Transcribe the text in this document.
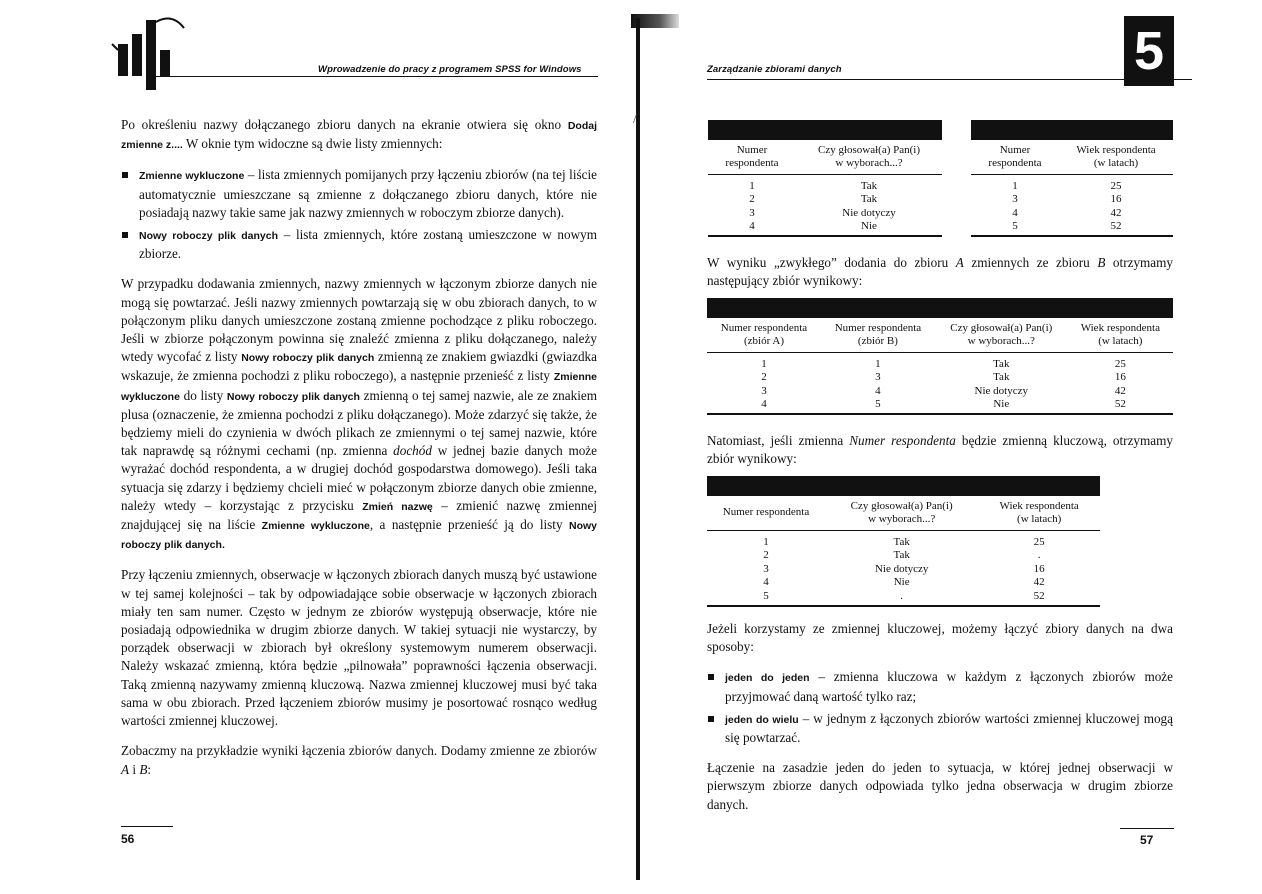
/
Wprowadzenie do pracy z programem SPSS for Windows

Po określeniu nazwy dołączanego zbioru danych na ekranie otwiera się okno Dodaj zmienne z.... W oknie tym widoczne są dwie listy zmiennych:

Zmienne wykluczone – lista zmiennych pomijanych przy łączeniu zbiorów (na tej liście automatycznie umieszczane są zmienne z dołączanego zbioru danych, które nie posiadają nazwy takie same jak nazwy zmiennych w roboczym zbiorze danych).
Nowy roboczy plik danych – lista zmiennych, które zostaną umieszczone w nowym zbiorze.

W przypadku dodawania zmiennych, nazwy zmiennych w łączonym zbiorze danych nie mogą się powtarzać. Jeśli nazwy zmiennych powtarzają się w obu zbiorach danych, to w połączonym pliku danych umieszczone zostaną zmienne pochodzące z pliku roboczego. Jeśli w zbiorze połączonym powinna się znaleźć zmienna z pliku dołączanego, należy wtedy wycofać z listy Nowy roboczy plik danych zmienną ze znakiem gwiazdki (gwiazdka wskazuje, że zmienna pochodzi z pliku roboczego), a następnie przenieść z listy Zmienne wykluczone do listy Nowy roboczy plik danych zmienną o tej samej nazwie, ale ze znakiem plusa (oznaczenie, że zmienna pochodzi z pliku dołączanego). Może zdarzyć się także, że będziemy mieli do czynienia w dwóch plikach ze zmiennymi o tej samej nazwie, które tak naprawdę są różnymi cechami (np. zmienna dochód w jednej bazie danych może wyrażać dochód respondenta, a w drugiej dochód gospodarstwa domowego). Jeśli taka sytuacja się zdarzy i będziemy chcieli mieć w połączonym zbiorze danych obie zmienne, należy wtedy – korzystając z przycisku Zmień nazwę – zmienić nazwę zmiennej znajdującej się na liście Zmienne wykluczone, a następnie przenieść ją do listy Nowy roboczy plik danych.

Przy łączeniu zmiennych, obserwacje w łączonych zbiorach danych muszą być ustawione w tej samej kolejności – tak by odpowiadające sobie obserwacje w łączonych zbiorach miały ten sam numer. Często w jednym ze zbiorów występują obserwacje, które nie posiadają odpowiednika w drugim zbiorze danych. W takiej sytuacji nie wystarczy, by porządek obserwacji w zbiorach był określony systemowym numerem obserwacji. Należy wskazać zmienną, która będzie „pilnowała” poprawności łączenia obserwacji. Taką zmienną nazywamy zmienną kluczową. Nazwa zmiennej kluczowej musi być taka sama w obu zbiorach. Przed łączeniem zbiorów musimy je posortować rosnąco według wartości zmiennej kluczowej.

Zobaczmy na przykładzie wyniki łączenia zbiorów danych. Dodamy zmienne ze zbiorów A i B:

56
Zarządzanie zbiorami danych	5

Numer
respondenta	Czy głosował(a) Pan(i)
w wyborach...?
1	Tak
2	Tak
3	Nie dotyczy
4	Nie

Numer
respondenta	Wiek respondenta
(w latach)
1	25
3	16
4	42
5	52
W wyniku „zwykłego” dodania do zbioru A zmiennych ze zbioru B otrzymamy następujący zbiór wynikowy:

Numer respondenta
(zbiór A)	Numer respondenta
(zbiór B)	Czy głosował(a) Pan(i)
w wyborach...?	Wiek respondenta
(w latach)
1	1	Tak	25
2	3	Tak	16
3	4	Nie dotyczy	42
4	5	Nie	52
Natomiast, jeśli zmienna Numer respondenta będzie zmienną kluczową, otrzymamy zbiór wynikowy:

Numer respondenta	Czy głosował(a) Pan(i)
w wyborach...?	Wiek respondenta
(w latach)
1	Tak	25
2	Tak	.
3	Nie dotyczy	16
4	Nie	42
5	.	52

Jeżeli korzystamy ze zmiennej kluczowej, możemy łączyć zbiory danych na dwa sposoby:

jeden do jeden – zmienna kluczowa w każdym z łączonych zbiorów może przyjmować daną wartość tylko raz;
jeden do wielu – w jednym z łączonych zbiorów wartości zmiennej kluczowej mogą się powtarzać.

Łączenie na zasadzie jeden do jeden to sytuacja, w której jednej obserwacji w pierwszym zbiorze danych odpowiada tylko jedna obserwacja w drugim zbiorze danych.

57
